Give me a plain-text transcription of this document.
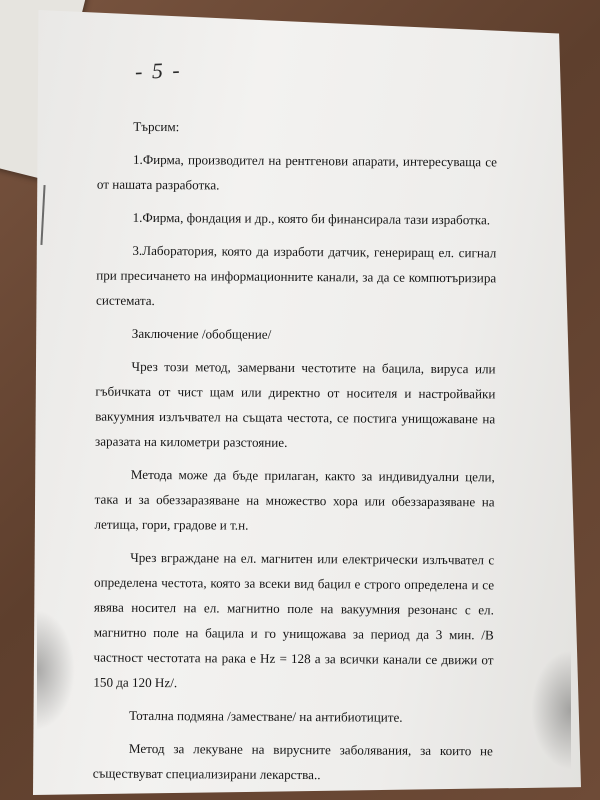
- 5 -

Търсим:

1.Фирма, производител на рентгенови апарати, интересуваща се от нашата разработка.

1.Фирма, фондация и др., която би финансирала тази изработка.

3.Лаборатория, която да изработи датчик, генериращ ел. сигнал при пресичането на информационните канали, за да се компютъризира системата.

Заключение /обобщение/

Чрез този метод, замервани честотите на бацила, вируса или гъбичката от чист щам или директно от носителя и настройвайки вакуумния излъчвател на същата честота, се постига унищожаване на заразата на километри разстояние.

Метода може да бъде прилаган, както за индивидуални цели, така и за обеззаразяване на множество хора или обеззаразяване на летища, гори, градове и т.н.

Чрез вграждане на ел. магнитен или електрически излъчвател с определена честота, която за всеки вид бацил е строго определена и се явява носител на ел. магнитно поле на вакуумния резонанс с ел. магнитно поле на бацила и го унищожава за период да 3 мин. /В частност честотата на рака е Hz = 128 а за всички канали се движи от 150 да 120 Hz/.

Тотална подмяна /заместване/ на антибиотиците.

Метод за лекуване на вирусните заболявания, за които не съществуват специализирани лекарства..
